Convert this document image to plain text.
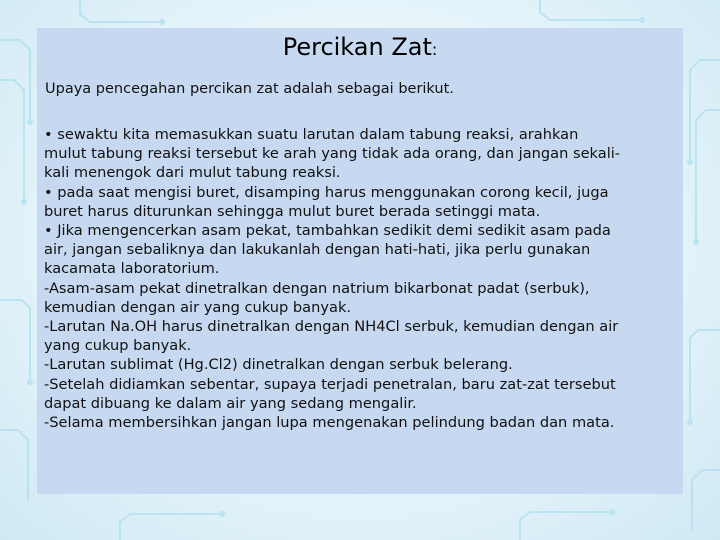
Percikan Zat:
Upaya pencegahan percikan zat adalah sebagai berikut.
• sewaktu kita memasukkan suatu larutan dalam tabung reaksi, arahkan
mulut tabung reaksi tersebut ke arah yang tidak ada orang, dan jangan sekali-
kali menengok dari mulut tabung reaksi.
• pada saat mengisi buret, disamping harus menggunakan corong kecil, juga
buret harus diturunkan sehingga mulut buret berada setinggi mata.
• Jika mengencerkan asam pekat, tambahkan sedikit demi sedikit asam pada
air, jangan sebaliknya dan lakukanlah dengan hati-hati, jika perlu gunakan
kacamata laboratorium.
-Asam-asam pekat dinetralkan dengan natrium bikarbonat padat (serbuk),
kemudian dengan air yang cukup banyak.
-Larutan Na.OH harus dinetralkan dengan NH4Cl serbuk, kemudian dengan air
yang cukup banyak.
-Larutan sublimat (Hg.Cl2) dinetralkan dengan serbuk belerang.
-Setelah didiamkan sebentar, supaya terjadi penetralan, baru zat-zat tersebut
dapat dibuang ke dalam air yang sedang mengalir.
-Selama membersihkan jangan lupa mengenakan pelindung badan dan mata.
